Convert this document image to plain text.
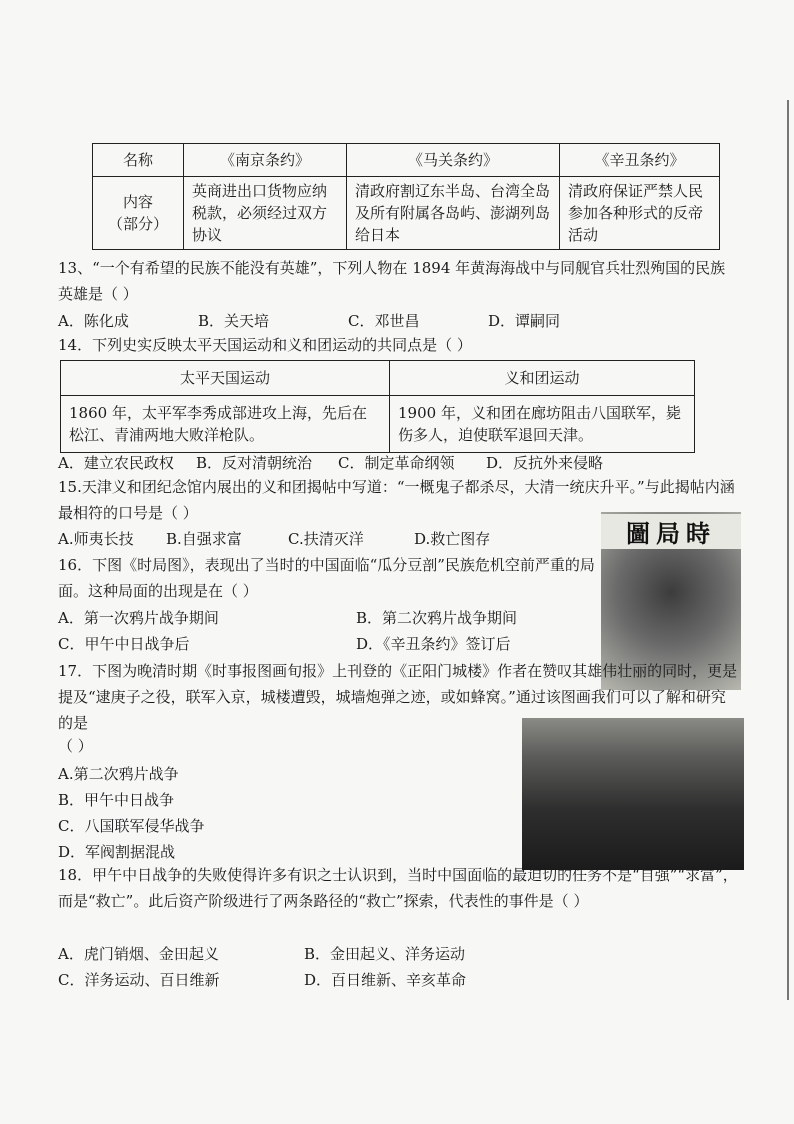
名称	《南京条约》	《马关条约》	《辛丑条约》
内容
（部分）	英商进出口货物应纳税款，必须经过双方协议	清政府割辽东半岛、台湾全岛及所有附属各岛屿、澎湖列岛给日本	清政府保证严禁人民参加各种形式的反帝活动
13、“一个有希望的民族不能没有英雄”，下列人物在 1894 年黄海海战中与同舰官兵壮烈殉国的民族英雄是（ ）
A．陈化成	B．关天培	C．邓世昌	D．谭嗣同
14．下列史实反映太平天国运动和义和团运动的共同点是（ ）
太平天国运动	义和团运动
1860 年，太平军李秀成部进攻上海，先后在松江、青浦两地大败洋枪队。	1900 年，义和团在廊坊阻击八国联军，毙伤多人，迫使联军退回天津。
A．建立农民政权 B．反对清朝统治 C．制定革命纲领 D．反抗外来侵略
15.天津义和团纪念馆内展出的义和团揭帖中写道：“一概鬼子都杀尽，大清一统庆升平。”与此揭帖内涵最相符的口号是（ ）
A.师夷长技 B.自强求富	C.扶清灭洋	D.救亡图存
16．下图《时局图》，表现出了当时的中国面临“瓜分豆剖”民族危机空前严重的局面。这种局面的出现是在（ ）
A．第一次鸦片战争期间	B．第二次鸦片战争期间
C．甲午中日战争后	D．《辛丑条约》签订后
圖局時
17．下图为晚清时期《时事报图画旬报》上刊登的《正阳门城楼》作者在赞叹其雄伟壮丽的同时，更是提及“逮庚子之役，联军入京，城楼遭毁，城墙炮弹之迹，或如蜂窝。”通过该图画我们可以了解和研究的是
（ ）
A.第二次鸦片战争
B．甲午中日战争
C．八国联军侵华战争
D．军阀割据混战
18．甲午中日战争的失败使得许多有识之士认识到，当时中国面临的最迫切的任务不是“自强”“求富”，而是“救亡”。此后资产阶级进行了两条路径的“救亡”探索，代表性的事件是（ ）
A．虎门销烟、金田起义	B．金田起义、洋务运动
C．洋务运动、百日维新	D．百日维新、辛亥革命
